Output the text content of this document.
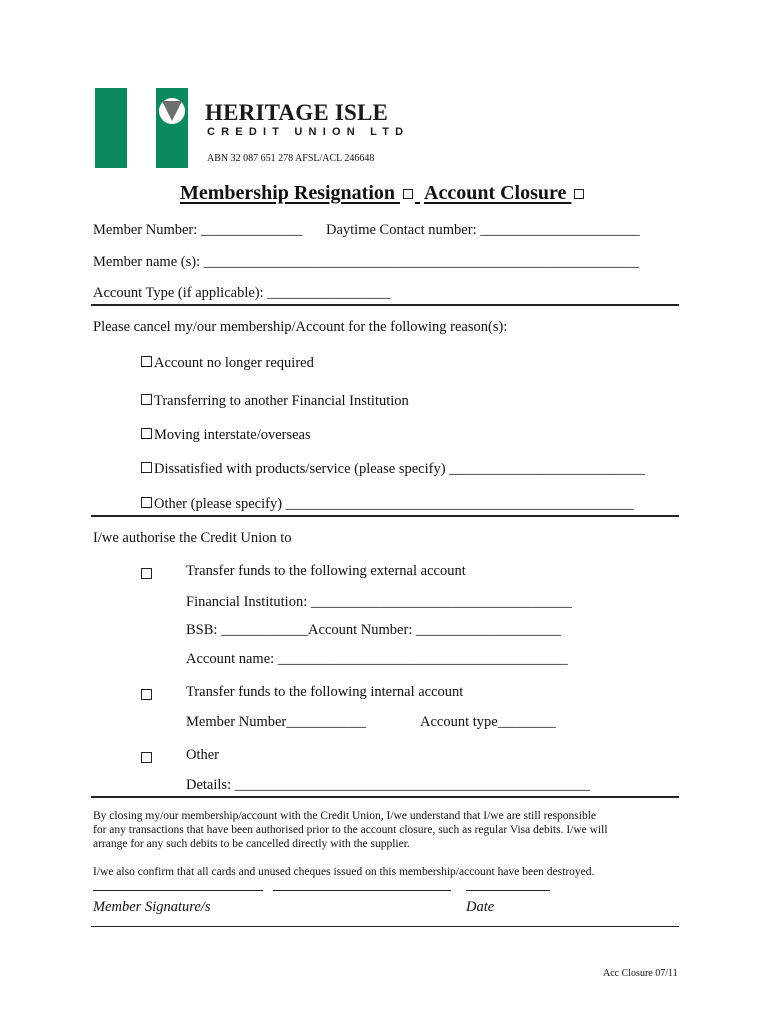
HERITAGE ISLE
CREDIT UNION LTD
ABN 32 087 651 278 AFSL/ACL 246648
Membership Resignation Account Closure
Member Number: ______________ Daytime Contact number: ______________________
Member name (s): ____________________________________________________________
Account Type (if applicable): _________________
Please cancel my/our membership/Account for the following reason(s):
Account no longer required
Transferring to another Financial Institution
Moving interstate/overseas
Dissatisfied with products/service (please specify) ___________________________
Other (please specify) ________________________________________________
I/we authorise the Credit Union to
Transfer funds to the following external account
Financial Institution: ____________________________________
BSB: ____________Account Number: ____________________
Account name: ________________________________________
Transfer funds to the following internal account
Member Number___________	Account type________
Other
Details: _________________________________________________
By closing my/our membership/account with the Credit Union, I/we understand that I/we are still responsible
for any transactions that have been authorised prior to the account closure, such as regular Visa debits. I/we will
arrange for any such debits to be cancelled directly with the supplier.
I/we also confirm that all cards and unused cheques issued on this membership/account have been destroyed.
Member Signature/s	Date
Acc Closure 07/11
